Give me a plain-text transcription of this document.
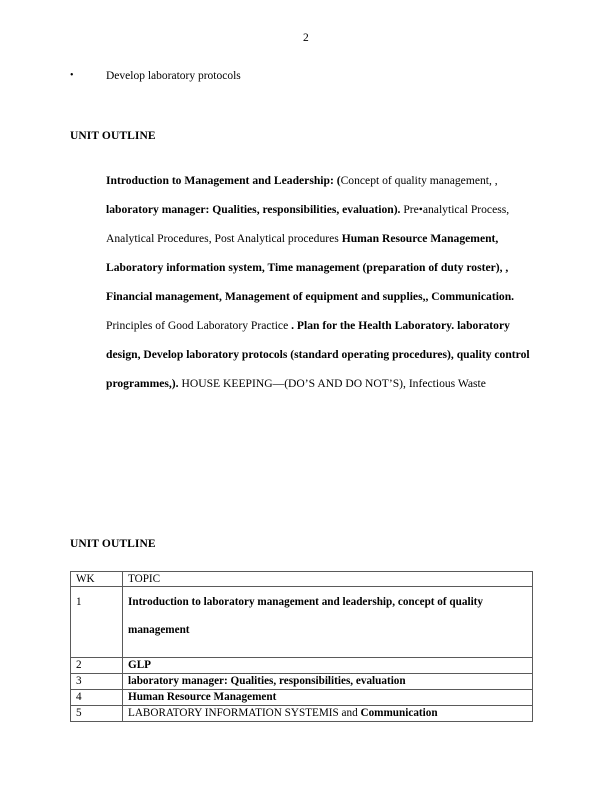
2
•	Develop laboratory protocols
UNIT OUTLINE
Introduction to Management and Leadership: (Concept of quality management, , laboratory manager: Qualities, responsibilities, evaluation). Pre•analytical Process, Analytical Procedures, Post Analytical procedures Human Resource Management, Laboratory information system, Time management (preparation of duty roster), , Financial management, Management of equipment and supplies,, Communication. Principles of Good Laboratory Practice . Plan for the Health Laboratory. laboratory design, Develop laboratory protocols (standard operating procedures), quality control programmes,). HOUSE KEEPING—(DO’S AND DO NOT’S), Infectious Waste
UNIT OUTLINE
WK	TOPIC
1	Introduction to laboratory management and leadership, concept of quality management
2	GLP
3	laboratory manager: Qualities, responsibilities, evaluation
4	Human Resource Management
5	LABORATORY INFORMATION SYSTEMIS and Communication
